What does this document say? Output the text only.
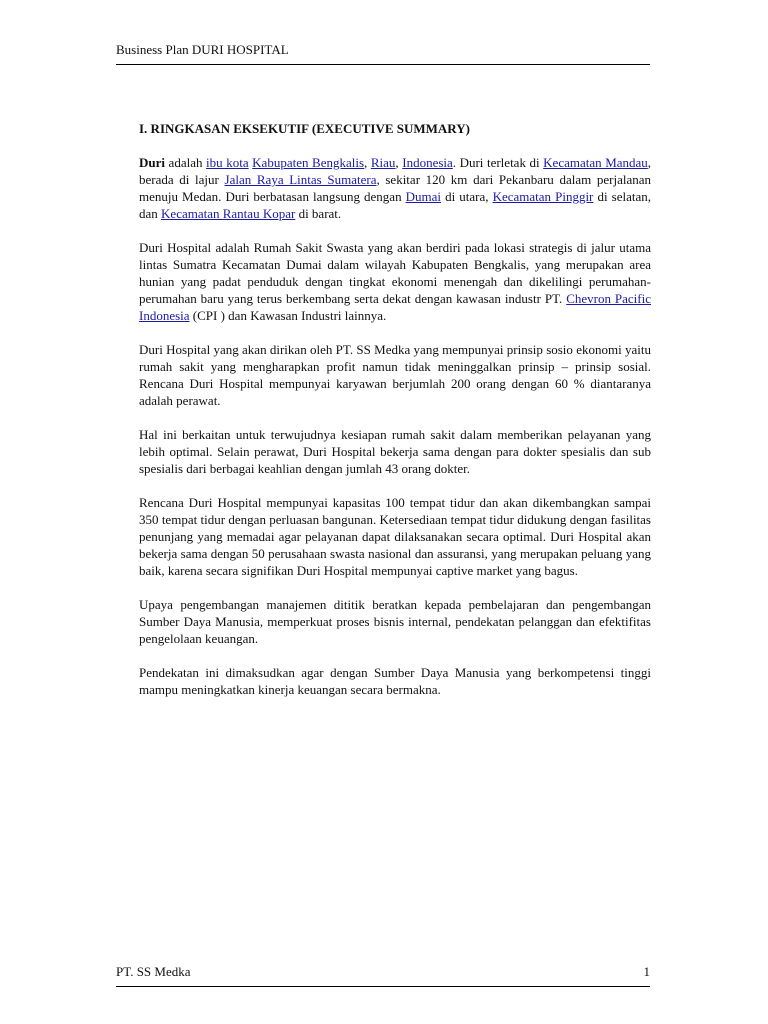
Business Plan DURI HOSPITAL
I. RINGKASAN EKSEKUTIF (EXECUTIVE SUMMARY)

Duri adalah ibu kota Kabupaten Bengkalis, Riau, Indonesia. Duri terletak di Kecamatan Mandau, berada di lajur Jalan Raya Lintas Sumatera, sekitar 120 km dari Pekanbaru dalam perjalanan menuju Medan. Duri berbatasan langsung dengan Dumai di utara, Kecamatan Pinggir di selatan, dan Kecamatan Rantau Kopar di barat.

Duri Hospital adalah Rumah Sakit Swasta yang akan berdiri pada lokasi strategis di jalur utama lintas Sumatra Kecamatan Dumai dalam wilayah Kabupaten Bengkalis, yang merupakan area hunian yang padat penduduk dengan tingkat ekonomi menengah dan dikelilingi perumahan-perumahan baru yang terus berkembang serta dekat dengan kawasan industr PT. Chevron Pacific Indonesia (CPI ) dan Kawasan Industri lainnya.

Duri Hospital yang akan dirikan oleh PT. SS Medka yang mempunyai prinsip sosio ekonomi yaitu rumah sakit yang mengharapkan profit namun tidak meninggalkan prinsip – prinsip sosial. Rencana Duri Hospital mempunyai karyawan berjumlah 200 orang dengan 60 % diantaranya adalah perawat.

Hal ini berkaitan untuk terwujudnya kesiapan rumah sakit dalam memberikan pelayanan yang lebih optimal. Selain perawat, Duri Hospital bekerja sama dengan para dokter spesialis dan sub spesialis dari berbagai keahlian dengan jumlah 43 orang dokter.

Rencana Duri Hospital mempunyai kapasitas 100 tempat tidur dan akan dikembangkan sampai 350 tempat tidur dengan perluasan bangunan. Ketersediaan tempat tidur didukung dengan fasilitas penunjang yang memadai agar pelayanan dapat dilaksanakan secara optimal. Duri Hospital akan bekerja sama dengan 50 perusahaan swasta nasional dan assuransi, yang merupakan peluang yang baik, karena secara signifikan Duri Hospital mempunyai captive market yang bagus.

Upaya pengembangan manajemen dititik beratkan kepada pembelajaran dan pengembangan Sumber Daya Manusia, memperkuat proses bisnis internal, pendekatan pelanggan dan efektifitas pengelolaan keuangan.

Pendekatan ini dimaksudkan agar dengan Sumber Daya Manusia yang berkompetensi tinggi mampu meningkatkan kinerja keuangan secara bermakna.

PT. SS Medka	1
